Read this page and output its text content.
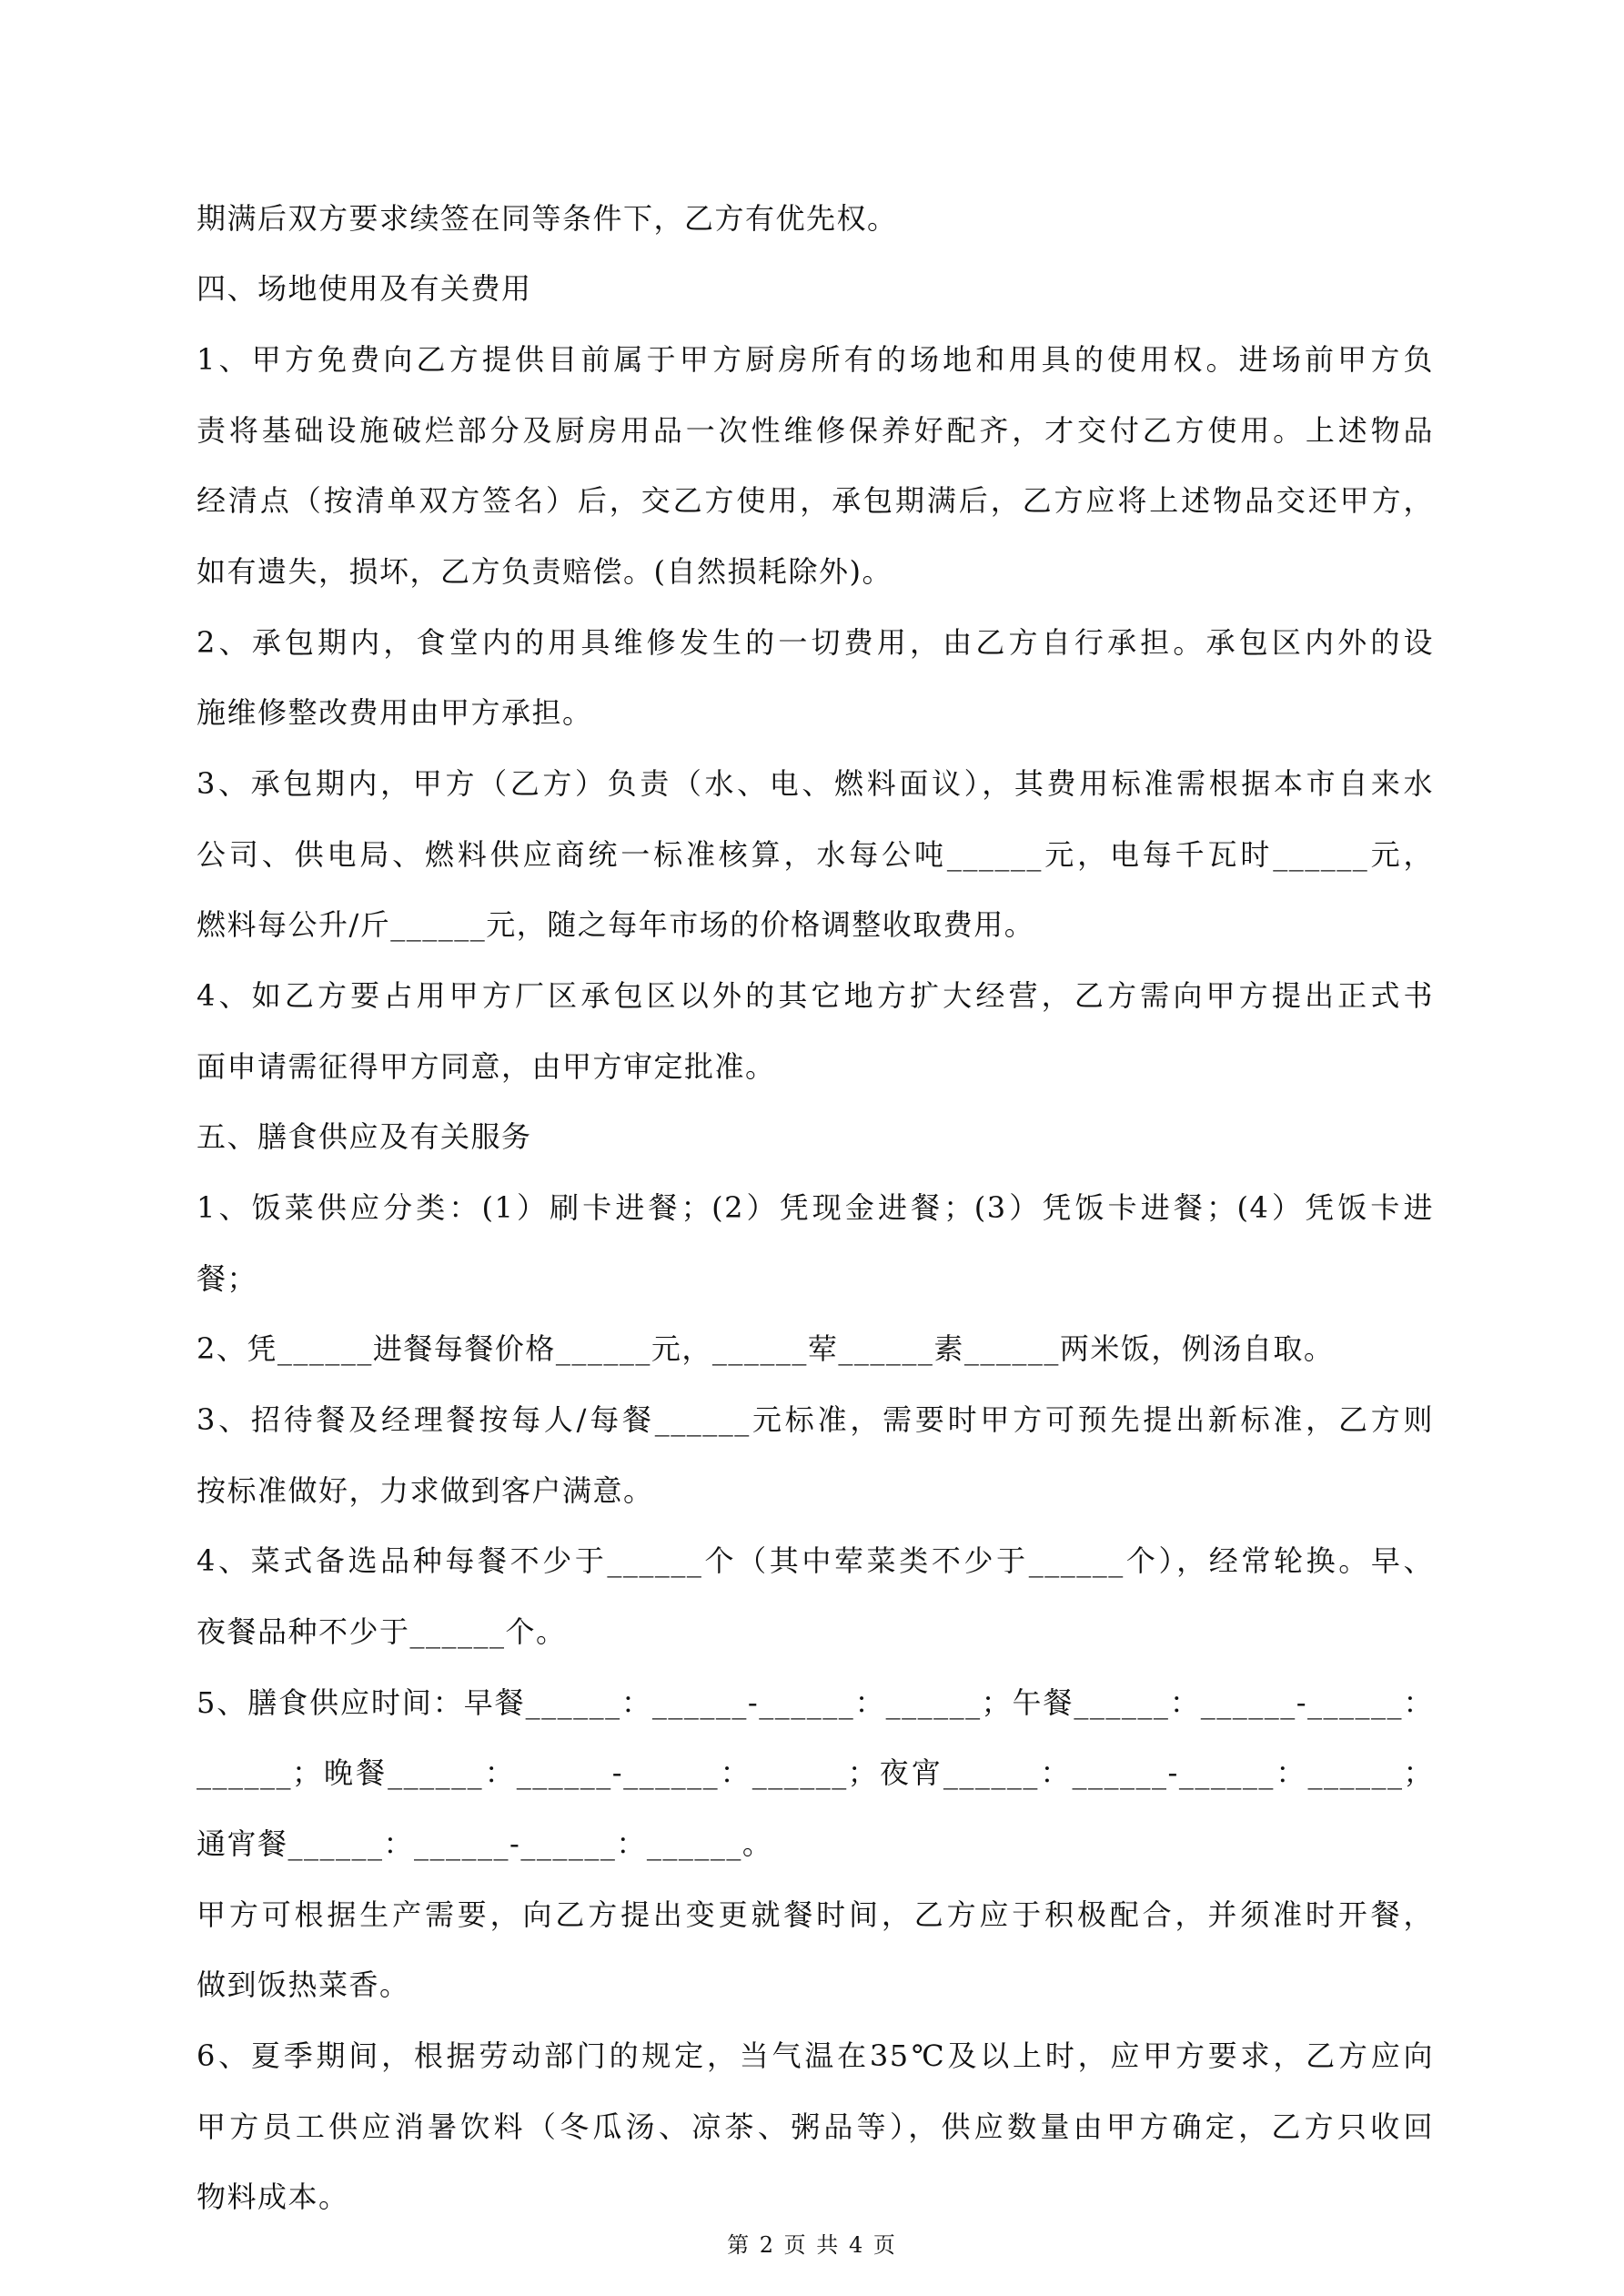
期满后双方要求续签在同等条件下，乙方有优先权。

四、场地使用及有关费用

1、甲方免费向乙方提供目前属于甲方厨房所有的场地和用具的使用权。进场前甲方负

责将基础设施破烂部分及厨房用品一次性维修保养好配齐，才交付乙方使用。上述物品

经清点（按清单双方签名）后，交乙方使用，承包期满后，乙方应将上述物品交还甲方，

如有遗失，损坏，乙方负责赔偿。(自然损耗除外)。

2、承包期内，食堂内的用具维修发生的一切费用，由乙方自行承担。承包区内外的设

施维修整改费用由甲方承担。

3、承包期内，甲方（乙方）负责（水、电、燃料面议），其费用标准需根据本市自来水

公司、供电局、燃料供应商统一标准核算，水每公吨______元，电每千瓦时______元，

燃料每公升/斤______元，随之每年市场的价格调整收取费用。

4、如乙方要占用甲方厂区承包区以外的其它地方扩大经营，乙方需向甲方提出正式书

面申请需征得甲方同意，由甲方审定批准。

五、膳食供应及有关服务

1、饭菜供应分类：(1）刷卡进餐；(2）凭现金进餐；(3）凭饭卡进餐；(4）凭饭卡进

餐；

2、凭______进餐每餐价格______元，______荤______素______两米饭，例汤自取。

3、招待餐及经理餐按每人/每餐______元标准，需要时甲方可预先提出新标准，乙方则

按标准做好，力求做到客户满意。

4、菜式备选品种每餐不少于______个（其中荤菜类不少于______个），经常轮换。早、

夜餐品种不少于______个。

5、膳食供应时间：早餐______：______-______：______；午餐______：______-______：

______；晚餐______：______-______：______；夜宵______：______-______：______；

通宵餐______：______-______：______。

甲方可根据生产需要，向乙方提出变更就餐时间，乙方应于积极配合，并须准时开餐，

做到饭热菜香。

6、夏季期间，根据劳动部门的规定，当气温在35℃及以上时，应甲方要求，乙方应向

甲方员工供应消暑饮料（冬瓜汤、凉茶、粥品等），供应数量由甲方确定，乙方只收回

物料成本。

第 2 页 共 4 页
